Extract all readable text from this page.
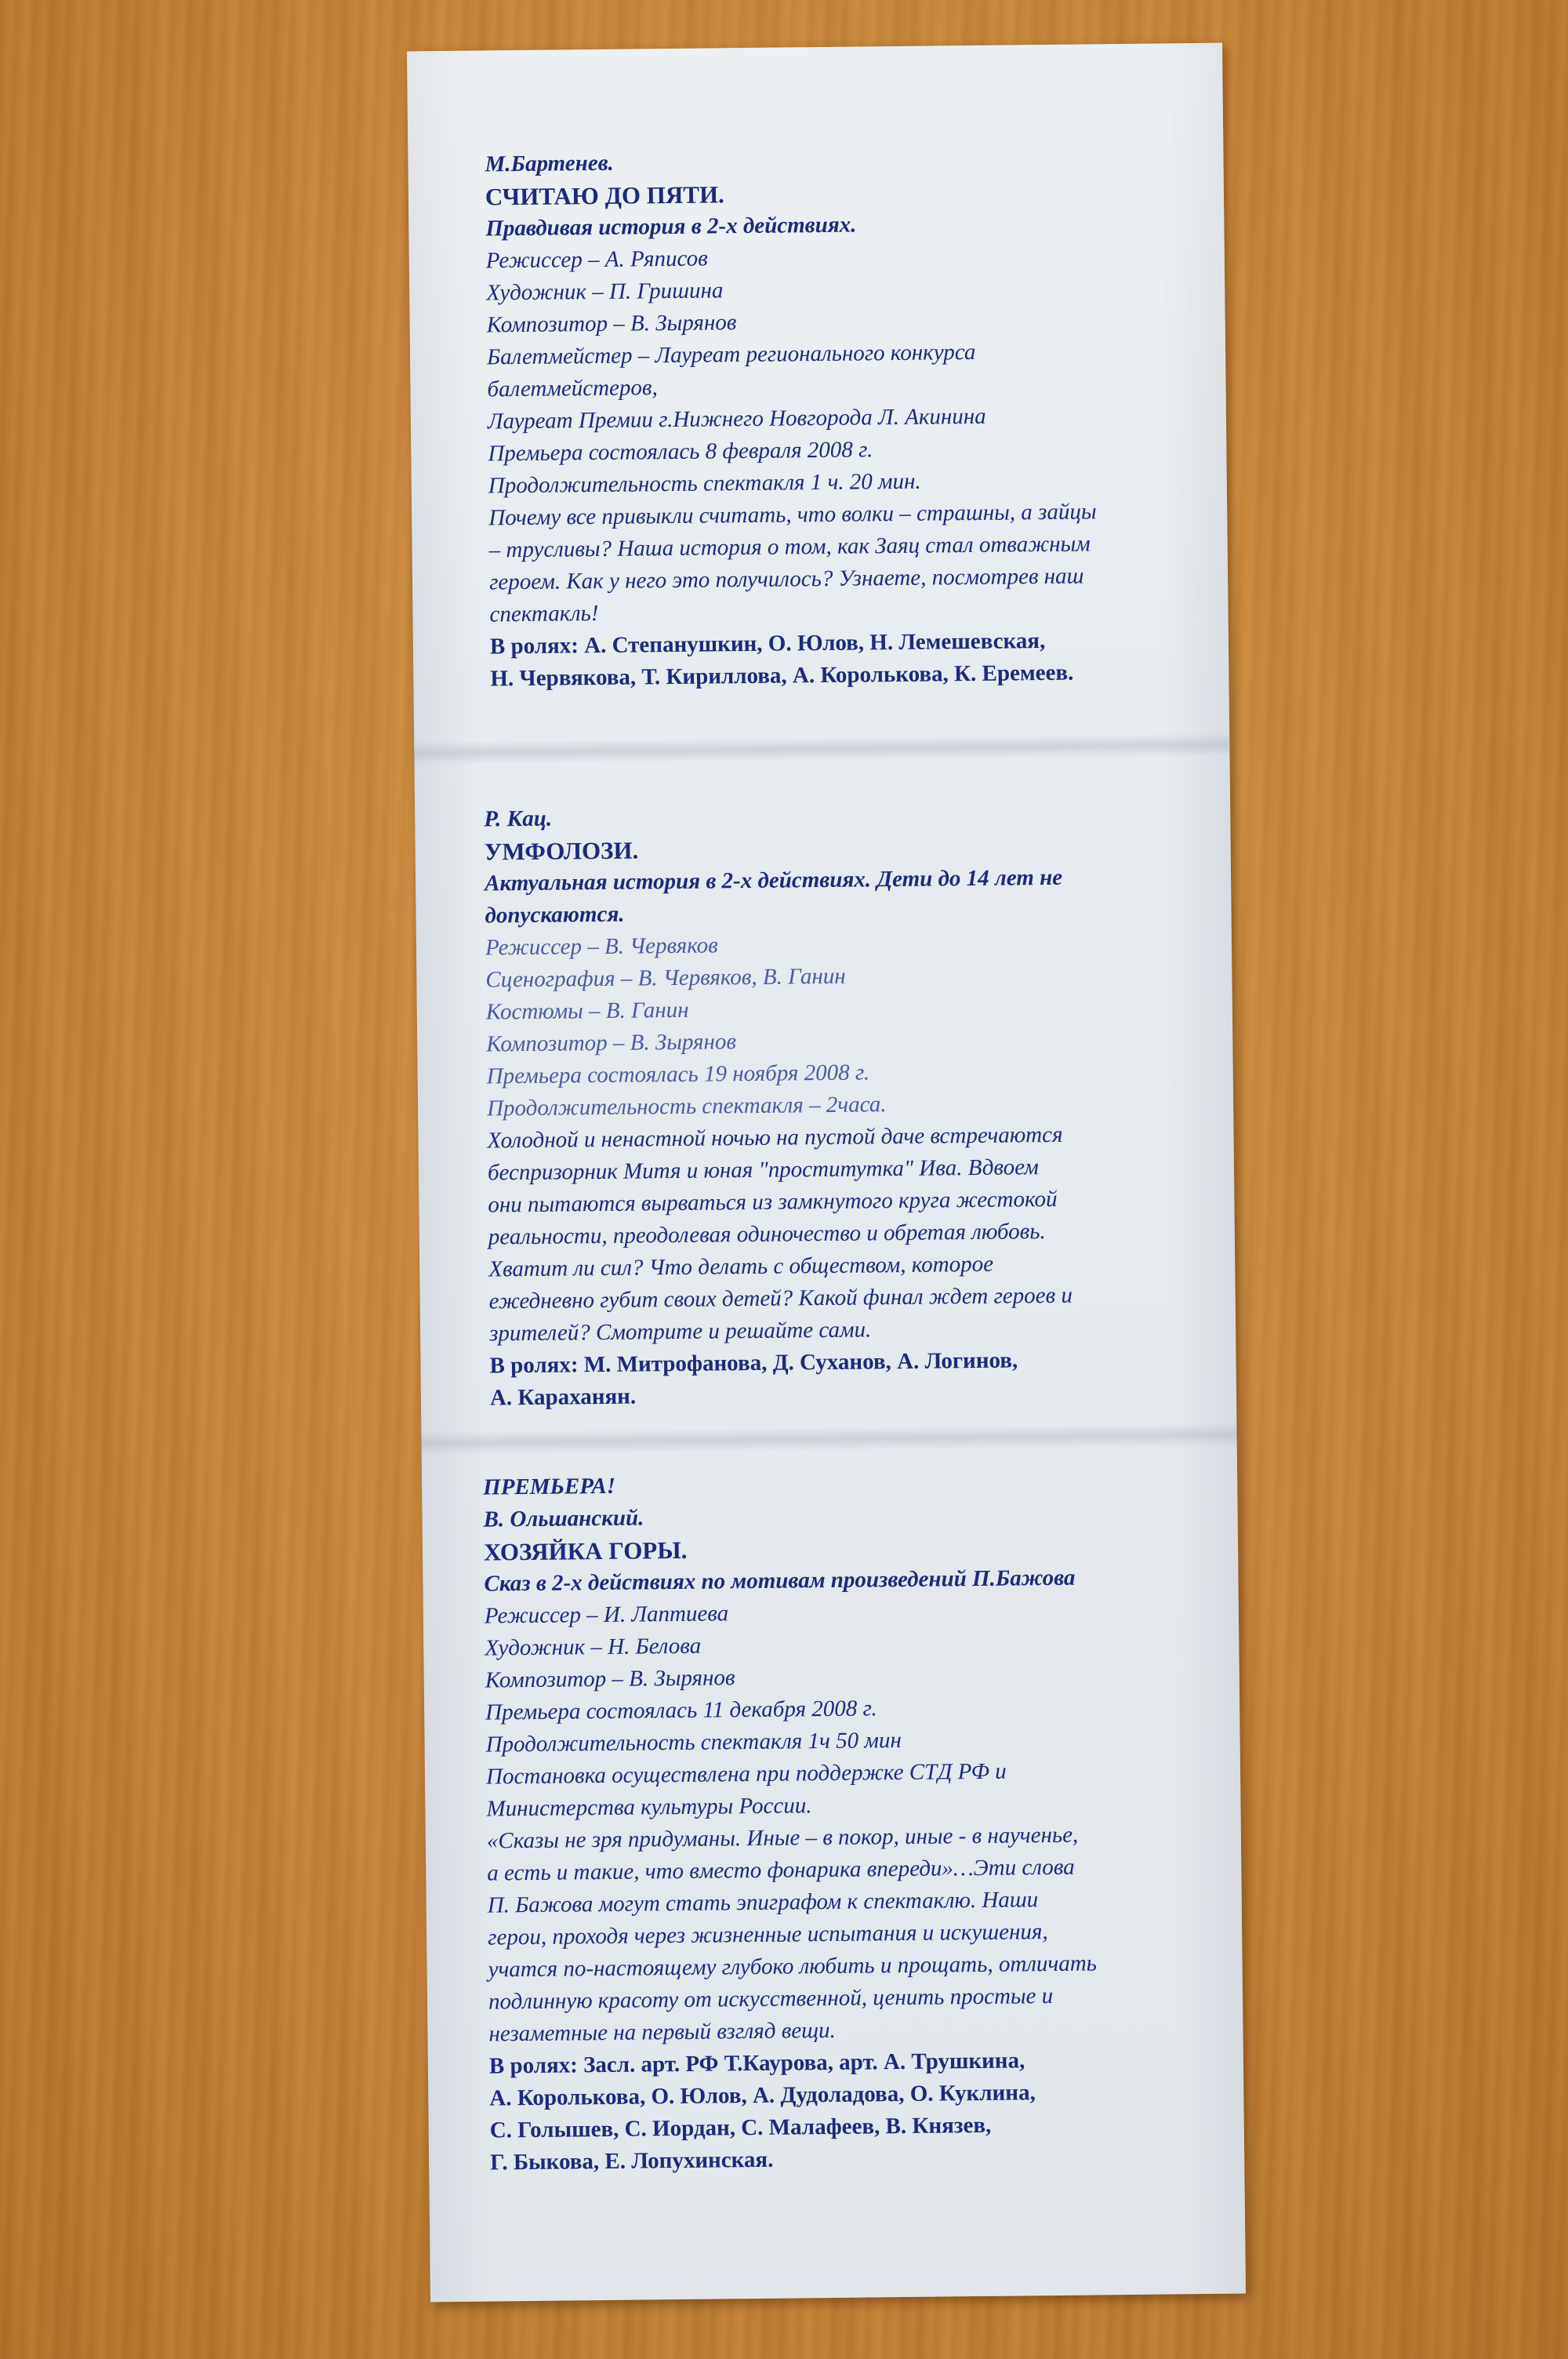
М.Бартенев.
СЧИТАЮ ДО ПЯТИ.
Правдивая история в 2-х действиях.
Режиссер – А. Ряписов
Художник – П. Гришина
Композитор – В. Зырянов
Балетмейстер – Лауреат регионального конкурса
балетмейстеров,
Лауреат Премии г.Нижнего Новгорода Л. Акинина
Премьера состоялась 8 февраля 2008 г.
Продолжительность спектакля 1 ч. 20 мин.
Почему все привыкли считать, что волки – страшны, а зайцы
– трусливы? Наша история о том, как Заяц стал отважным
героем. Как у него это получилось? Узнаете, посмотрев наш
спектакль!
В ролях: А. Степанушкин, О. Юлов, Н. Лемешевская,
Н. Червякова, Т. Кириллова, А. Королькова, К. Еремеев.
Р. Кац.
УМФОЛОЗИ.
Актуальная история в 2-х действиях. Дети до 14 лет не
допускаются.
Режиссер – В. Червяков
Сценография – В. Червяков, В. Ганин
Костюмы – В. Ганин
Композитор – В. Зырянов
Премьера состоялась 19 ноября 2008 г.
Продолжительность спектакля – 2часа.
Холодной и ненастной ночью на пустой даче встречаются
беспризорник Митя и юная "проститутка" Ива. Вдвоем
они пытаются вырваться из замкнутого круга жестокой
реальности, преодолевая одиночество и обретая любовь.
Хватит ли сил? Что делать с обществом, которое
ежедневно губит своих детей? Какой финал ждет героев и
зрителей? Смотрите и решайте сами.
В ролях: М. Митрофанова, Д. Суханов, А. Логинов,
А. Караханян.
ПРЕМЬЕРА!
В. Ольшанский.
ХОЗЯЙКА ГОРЫ.
Сказ в 2-х действиях по мотивам произведений П.Бажова
Режиссер – И. Лаптиева
Художник – Н. Белова
Композитор – В. Зырянов
Премьера состоялась 11 декабря 2008 г.
Продолжительность спектакля 1ч 50 мин
Постановка осуществлена при поддержке СТД РФ и
Министерства культуры России.
«Сказы не зря придуманы. Иные – в покор, иные - в наученье,
а есть и такие, что вместо фонарика впереди»…Эти слова
П. Бажова могут стать эпиграфом к спектаклю. Наши
герои, проходя через жизненные испытания и искушения,
учатся по-настоящему глубоко любить и прощать, отличать
подлинную красоту от искусственной, ценить простые и
незаметные на первый взгляд вещи.
В ролях: Засл. арт. РФ Т.Каурова, арт. А. Трушкина,
А. Королькова, О. Юлов, А. Дудоладова, О. Куклина,
С. Голышев, С. Иордан, С. Малафеев, В. Князев,
Г. Быкова, Е. Лопухинская.
